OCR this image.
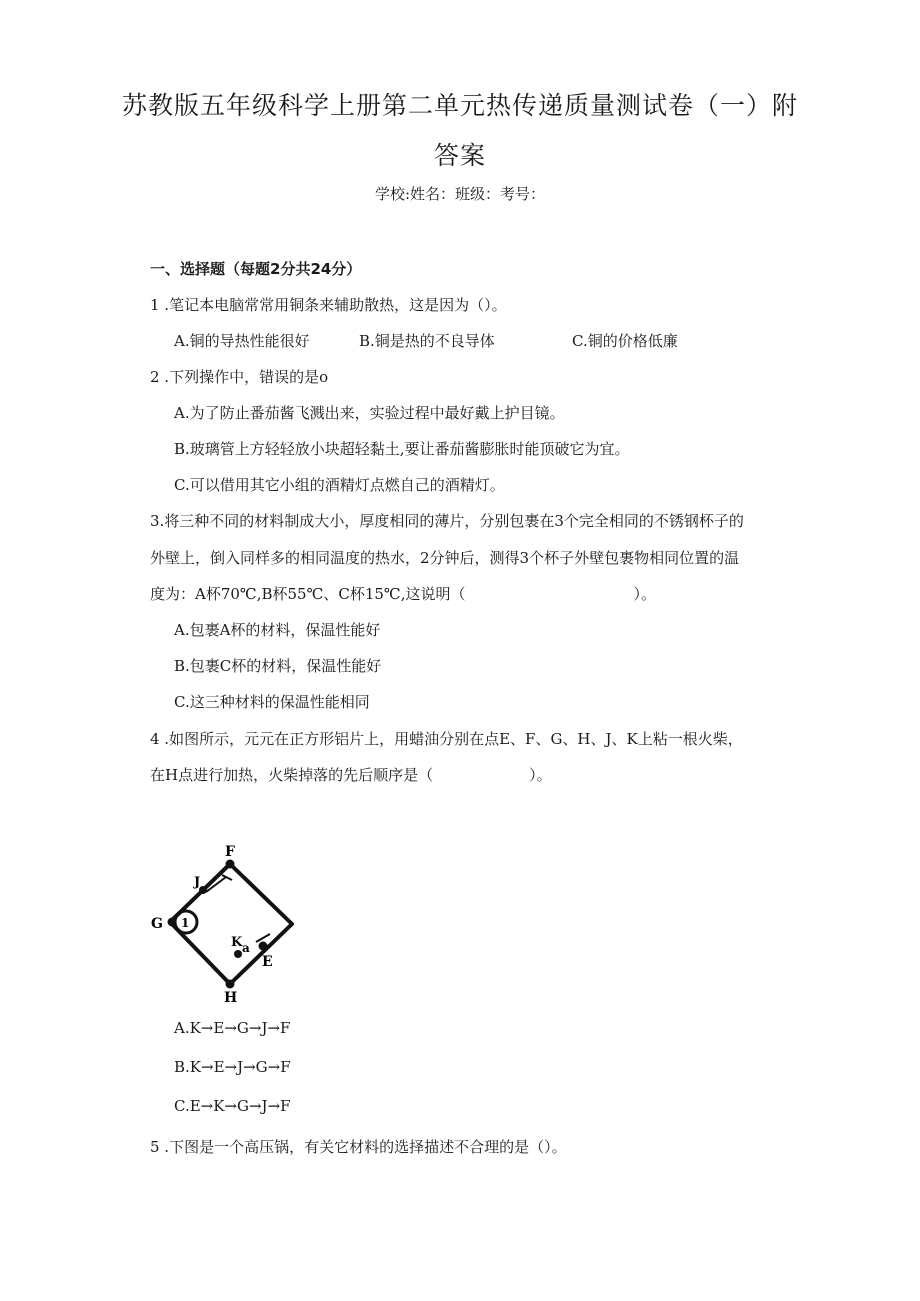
苏教版五年级科学上册第二单元热传递质量测试卷（一）附
答案
学校:姓名：班级：考号：
一、选择题（每题2分共24分）
1 .笔记本电脑常常用铜条来辅助散热，这是因为（）。
A.铜的导热性能很好	B.铜是热的不良导体	C.铜的价格低廉
2 .下列操作中，错误的是o
A.为了防止番茄酱飞溅出来，实验过程中最好戴上护目镜。
B.玻璃管上方轻轻放小块超轻黏土,要让番茄酱膨胀时能顶破它为宜。
C.可以借用其它小组的酒精灯点燃自己的酒精灯。
3.将三种不同的材料制成大小，厚度相同的薄片，分别包裹在3个完全相同的不锈钢杯子的
外壁上，倒入同样多的相同温度的热水，2分钟后，测得3个杯子外壁包裹物相同位置的温
度为：A杯70℃,B杯55℃、C杯15℃,这说明（	）。
A.包裹A杯的材料，保温性能好
B.包裹C杯的材料，保温性能好
C.这三种材料的保温性能相同
4 .如图所示，元元在正方形铝片上，用蜡油分别在点E、F、G、H、J、K上粘一根火柴，
在H点进行加热，火柴掉落的先后顺序是（	）。
F
J
1
G
K a
E
H
A.K→E→G→J→F
B.K→E→J→G→F
C.E→K→G→J→F
5 .下图是一个高压锅，有关它材料的选择描述不合理的是（）。
